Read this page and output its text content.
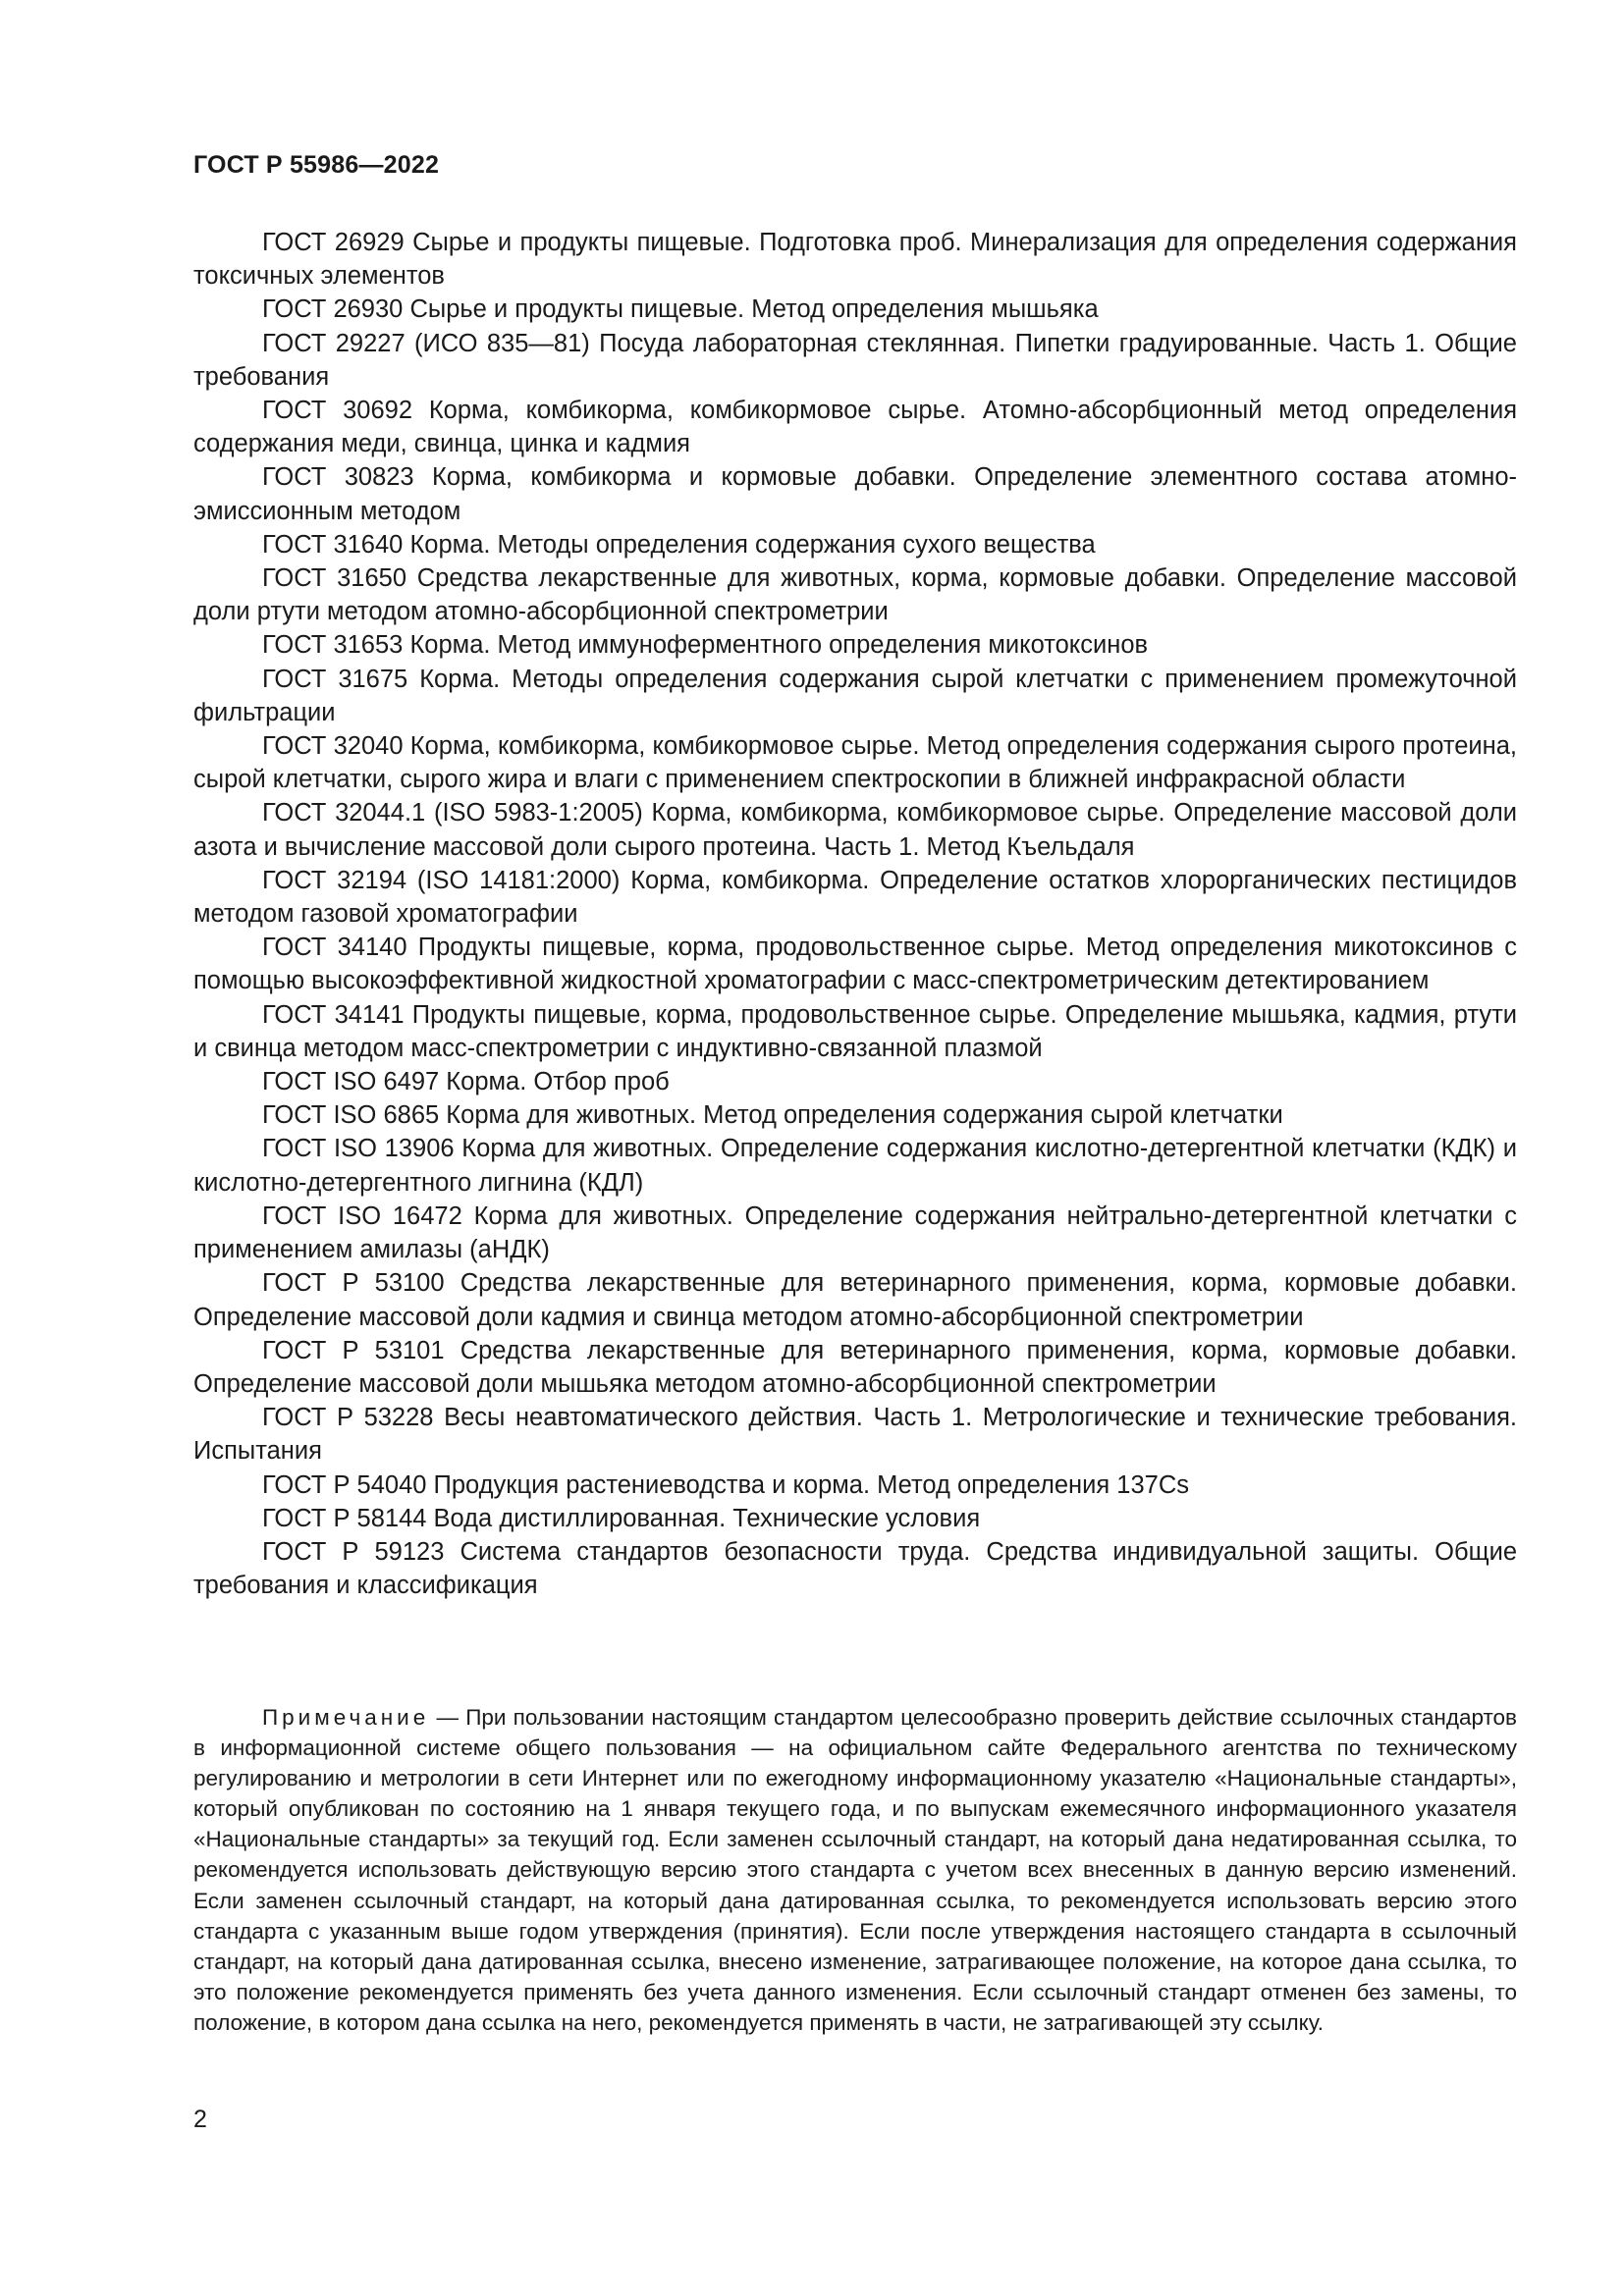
ГОСТ Р 55986—2022

ГОСТ 26929 Сырье и продукты пищевые. Подготовка проб. Минерализация для определения содержания токсичных элементов

ГОСТ 26930 Сырье и продукты пищевые. Метод определения мышьяка

ГОСТ 29227 (ИСО 835—81) Посуда лабораторная стеклянная. Пипетки градуированные. Часть 1. Общие требования

ГОСТ 30692 Корма, комбикорма, комбикормовое сырье. Атомно-абсорбционный метод определения содержания меди, свинца, цинка и кадмия

ГОСТ 30823 Корма, комбикорма и кормовые добавки. Определение элементного состава атомно-эмиссионным методом

ГОСТ 31640 Корма. Методы определения содержания сухого вещества

ГОСТ 31650 Средства лекарственные для животных, корма, кормовые добавки. Определение массовой доли ртути методом атомно-абсорбционной спектрометрии

ГОСТ 31653 Корма. Метод иммуноферментного определения микотоксинов

ГОСТ 31675 Корма. Методы определения содержания сырой клетчатки с применением промежуточной фильтрации

ГОСТ 32040 Корма, комбикорма, комбикормовое сырье. Метод определения содержания сырого протеина, сырой клетчатки, сырого жира и влаги с применением спектроскопии в ближней инфракрасной области

ГОСТ 32044.1 (ISO 5983-1:2005) Корма, комбикорма, комбикормовое сырье. Определение массовой доли азота и вычисление массовой доли сырого протеина. Часть 1. Метод Къельдаля

ГОСТ 32194 (ISO 14181:2000) Корма, комбикорма. Определение остатков хлорорганических пестицидов методом газовой хроматографии

ГОСТ 34140 Продукты пищевые, корма, продовольственное сырье. Метод определения микотоксинов с помощью высокоэффективной жидкостной хроматографии с масс-спектрометрическим детектированием

ГОСТ 34141 Продукты пищевые, корма, продовольственное сырье. Определение мышьяка, кадмия, ртути и свинца методом масс-спектрометрии с индуктивно-связанной плазмой

ГОСТ ISO 6497 Корма. Отбор проб

ГОСТ ISO 6865 Корма для животных. Метод определения содержания сырой клетчатки

ГОСТ ISO 13906 Корма для животных. Определение содержания кислотно-детергентной клетчатки (КДК) и кислотно-детергентного лигнина (КДЛ)

ГОСТ ISO 16472 Корма для животных. Определение содержания нейтрально-детергентной клетчатки с применением амилазы (аНДК)

ГОСТ Р 53100 Средства лекарственные для ветеринарного применения, корма, кормовые добавки. Определение массовой доли кадмия и свинца методом атомно-абсорбционной спектрометрии

ГОСТ Р 53101 Средства лекарственные для ветеринарного применения, корма, кормовые добавки. Определение массовой доли мышьяка методом атомно-абсорбционной спектрометрии

ГОСТ Р 53228 Весы неавтоматического действия. Часть 1. Метрологические и технические требования. Испытания

ГОСТ Р 54040 Продукция растениеводства и корма. Метод определения 137Cs

ГОСТ Р 58144 Вода дистиллированная. Технические условия

ГОСТ Р 59123 Система стандартов безопасности труда. Средства индивидуальной защиты. Общие требования и классификация

Примечание — При пользовании настоящим стандартом целесообразно проверить действие ссылочных стандартов в информационной системе общего пользования — на официальном сайте Федерального агентства по техническому регулированию и метрологии в сети Интернет или по ежегодному информационному указателю «Национальные стандарты», который опубликован по состоянию на 1 января текущего года, и по выпускам ежемесячного информационного указателя «Национальные стандарты» за текущий год. Если заменен ссылочный стандарт, на который дана недатированная ссылка, то рекомендуется использовать действующую версию этого стандарта с учетом всех внесенных в данную версию изменений. Если заменен ссылочный стандарт, на который дана датированная ссылка, то рекомендуется использовать версию этого стандарта с указанным выше годом утверждения (принятия). Если после утверждения настоящего стандарта в ссылочный стандарт, на который дана датированная ссылка, внесено изменение, затрагивающее положение, на которое дана ссылка, то это положение рекомендуется применять без учета данного изменения. Если ссылочный стандарт отменен без замены, то положение, в котором дана ссылка на него, рекомендуется применять в части, не затрагивающей эту ссылку.

2
